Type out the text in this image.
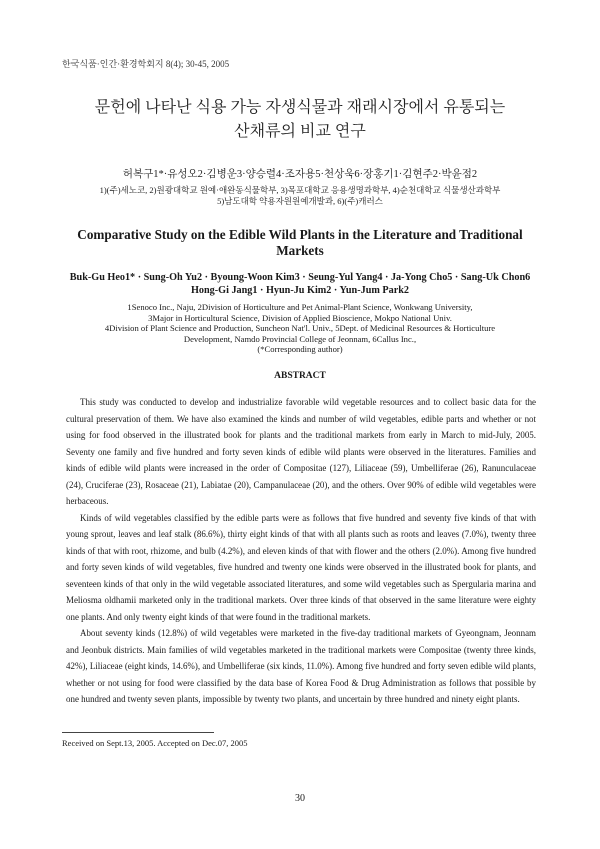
한국식품·인간·환경학회지 8(4); 30-45, 2005
문헌에 나타난 식용 가능 자생식물과 재래시장에서 유통되는
산채류의 비교 연구
허복구1*·유성오2·김병운3·양승렬4·조자용5·천상욱6·장홍기1·김현주2·박윤점2
1)(주)세노코, 2)원광대학교 원예·애완동식물학부, 3)목포대학교 응용생명과학부, 4)순천대학교 식물생산과학부
5)남도대학 약용자원원예개발과, 6)(주)캐러스
Comparative Study on the Edible Wild Plants in the Literature and Traditional Markets
Buk-Gu Heo1* · Sung-Oh Yu2 · Byoung-Woon Kim3 · Seung-Yul Yang4 · Ja-Yong Cho5 · Sang-Uk Chon6
Hong-Gi Jang1 · Hyun-Ju Kim2 · Yun-Jum Park2
1Senoco Inc., Naju, 2Division of Horticulture and Pet Animal-Plant Science, Wonkwang University,
3Major in Horticultural Science, Division of Applied Bioscience, Mokpo National Univ.
4Division of Plant Science and Production, Suncheon Nat'l. Univ., 5Dept. of Medicinal Resources & Horticulture
Development, Namdo Provincial College of Jeonnam, 6Callus Inc.,
(*Corresponding author)
ABSTRACT

This study was conducted to develop and industrialize favorable wild vegetable resources and to collect basic data for the cultural preservation of them. We have also examined the kinds and number of wild vegetables, edible parts and whether or not using for food observed in the illustrated book for plants and the traditional markets from early in March to mid-July, 2005. Seventy one family and five hundred and forty seven kinds of edible wild plants were observed in the literatures. Families and kinds of edible wild plants were increased in the order of Compositae (127), Liliaceae (59), Umbelliferae (26), Ranunculaceae (24), Cruciferae (23), Rosaceae (21), Labiatae (20), Campanulaceae (20), and the others. Over 90% of edible wild vegetables were herbaceous.

Kinds of wild vegetables classified by the edible parts were as follows that five hundred and seventy five kinds of that with young sprout, leaves and leaf stalk (86.6%), thirty eight kinds of that with all plants such as roots and leaves (7.0%), twenty three kinds of that with root, rhizome, and bulb (4.2%), and eleven kinds of that with flower and the others (2.0%). Among five hundred and forty seven kinds of wild vegetables, five hundred and twenty one kinds were observed in the illustrated book for plants, and seventeen kinds of that only in the wild vegetable associated literatures, and some wild vegetables such as Spergularia marina and Meliosma oldhamii marketed only in the traditional markets. Over three kinds of that observed in the same literature were eighty one plants. And only twenty eight kinds of that were found in the traditional markets.

About seventy kinds (12.8%) of wild vegetables were marketed in the five-day traditional markets of Gyeongnam, Jeonnam and Jeonbuk districts. Main families of wild vegetables marketed in the traditional markets were Compositae (twenty three kinds, 42%), Liliaceae (eight kinds, 14.6%), and Umbelliferae (six kinds, 11.0%). Among five hundred and forty seven edible wild plants, whether or not using for food were classified by the data base of Korea Food & Drug Administration as follows that possible by one hundred and twenty seven plants, impossible by twenty two plants, and uncertain by three hundred and ninety eight plants.

Received on Sept.13, 2005. Accepted on Dec.07, 2005
30
